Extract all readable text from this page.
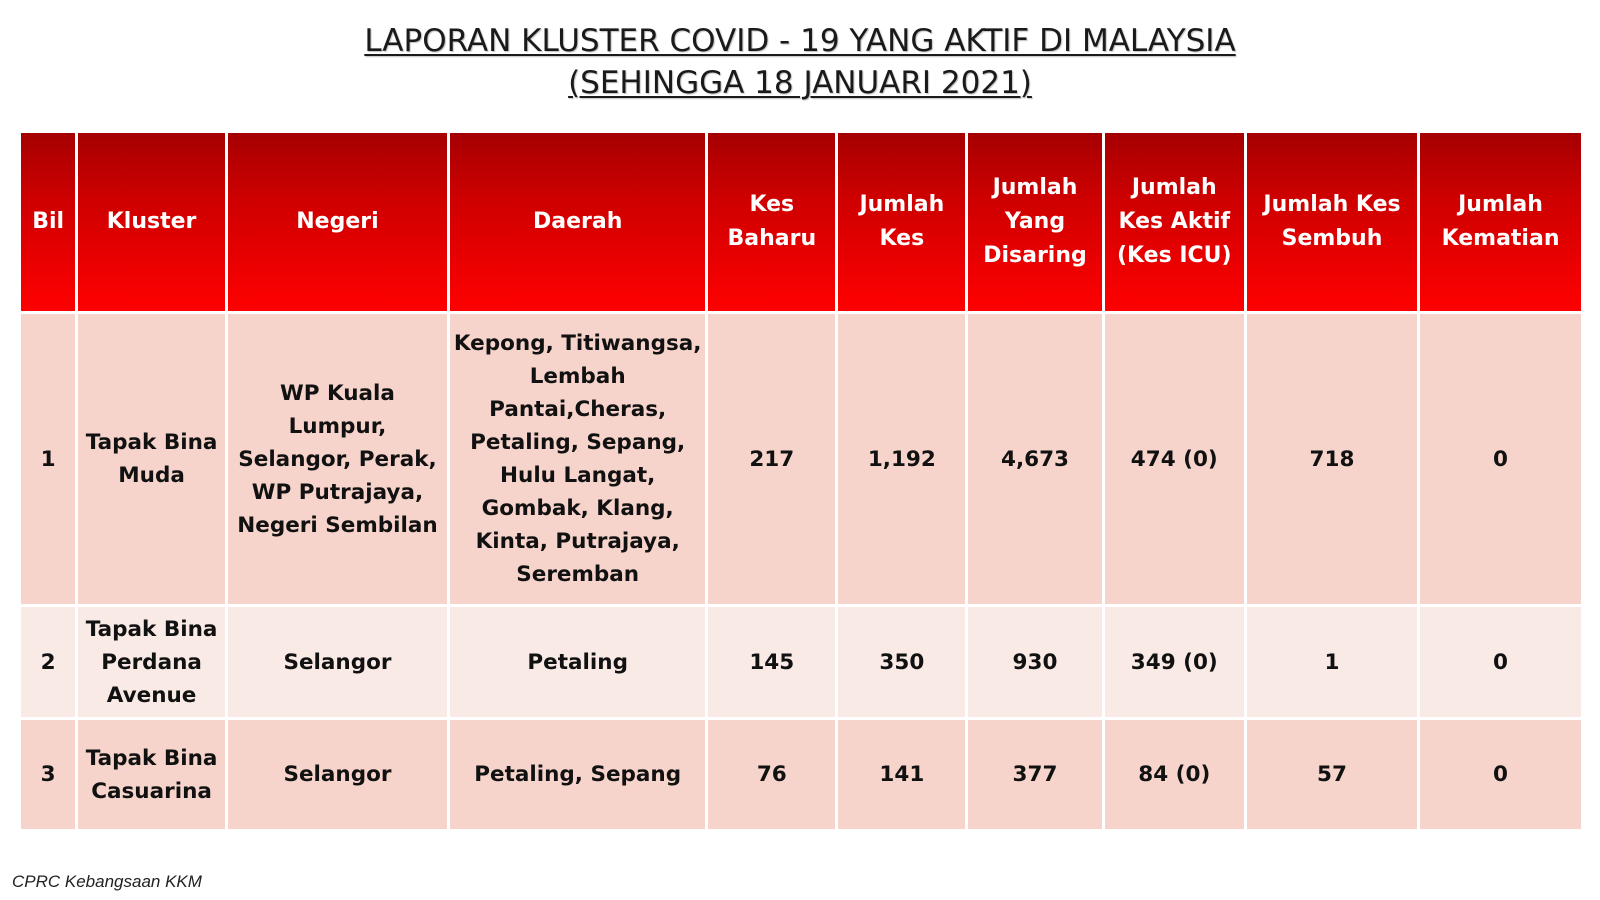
LAPORAN KLUSTER COVID - 19 YANG AKTIF DI MALAYSIA
(SEHINGGA 18 JANUARI 2021)
Bil	Kluster	Negeri	Daerah	Kes Baharu	Jumlah Kes	Jumlah Yang Disaring	Jumlah Kes Aktif (Kes ICU)	Jumlah Kes Sembuh	Jumlah Kematian
1	Tapak Bina Muda	WP Kuala Lumpur, Selangor, Perak, WP Putrajaya, Negeri Sembilan	Kepong, Titiwangsa, Lembah Pantai,Cheras, Petaling, Sepang, Hulu Langat, Gombak, Klang, Kinta, Putrajaya, Seremban	217	1,192	4,673	474 (0)	718	0
2	Tapak Bina Perdana Avenue	Selangor	Petaling	145	350	930	349 (0)	1	0
3	Tapak Bina Casuarina	Selangor	Petaling, Sepang	76	141	377	84 (0)	57	0
CPRC Kebangsaan KKM
